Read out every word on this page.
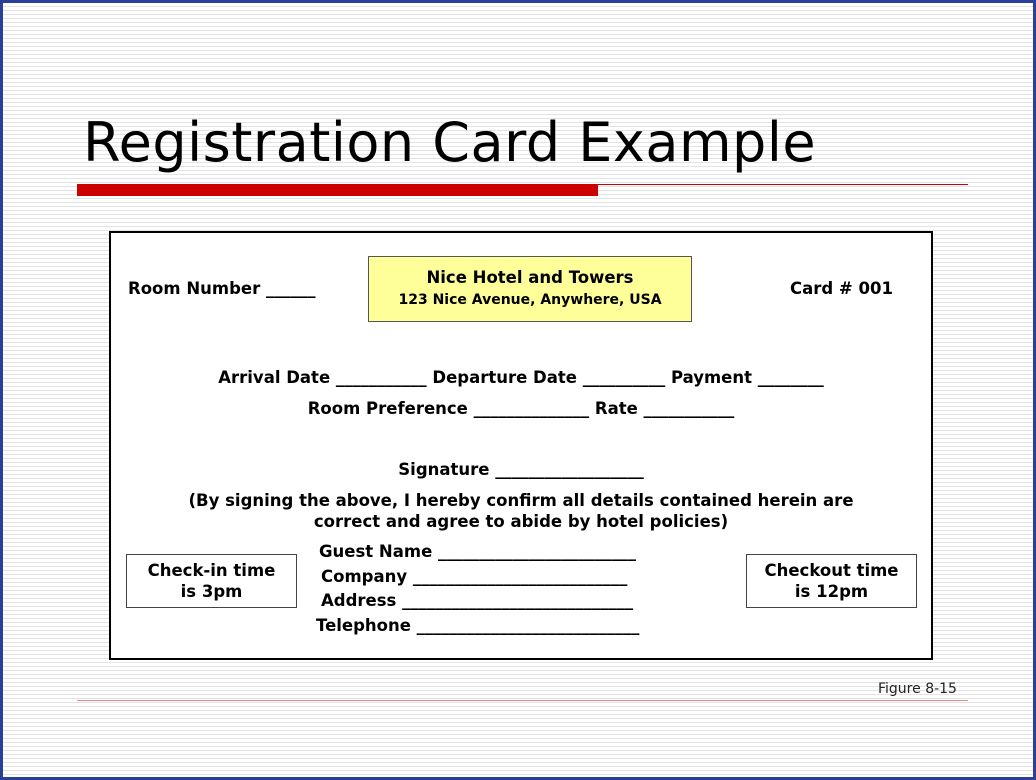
Registration Card Example
Room Number ______
Nice Hotel and Towers
123 Nice Avenue, Anywhere, USA
Card # 001
Arrival Date ___________ Departure Date __________ Payment ________
Room Preference ______________ Rate ___________
Signature __________________
(By signing the above, I hereby confirm all details contained herein are
correct and agree to abide by hotel policies)
Guest Name ________________________
Company __________________________
Address ____________________________
Telephone ___________________________
Check-in time
is 3pm
Checkout time
is 12pm
Figure 8-15
